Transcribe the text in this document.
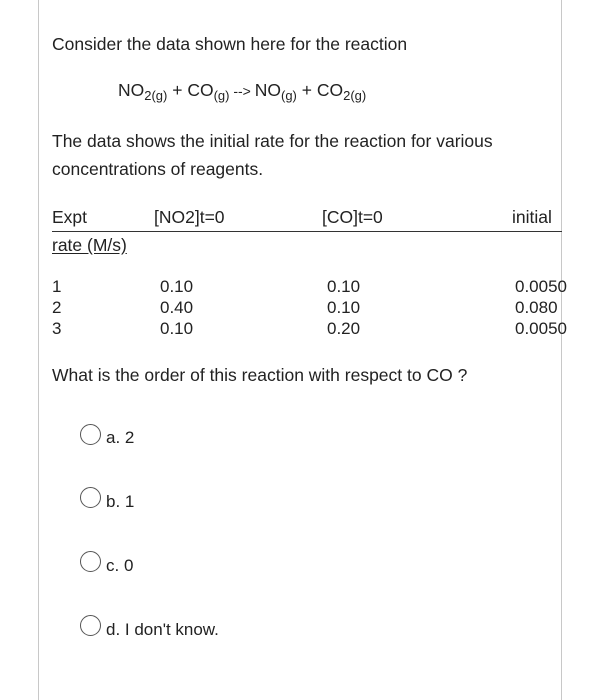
Consider the data shown here for the reaction
$NO_{2(g)} + CO_{(g)}$ --> $NO_{(g)} + CO_{2(g)}$
The data shows the initial rate for the reaction for various
concentrations of reagents.
Expt	[NO2]t=0	[CO]t=0	initial
rate (M/s)
1	0.10	0.10	0.0050
2	0.40	0.10	0.080
3	0.10	0.20	0.0050
What is the order of this reaction with respect to CO ?
a. 2
b. 1
c. 0
d. I don't know.
